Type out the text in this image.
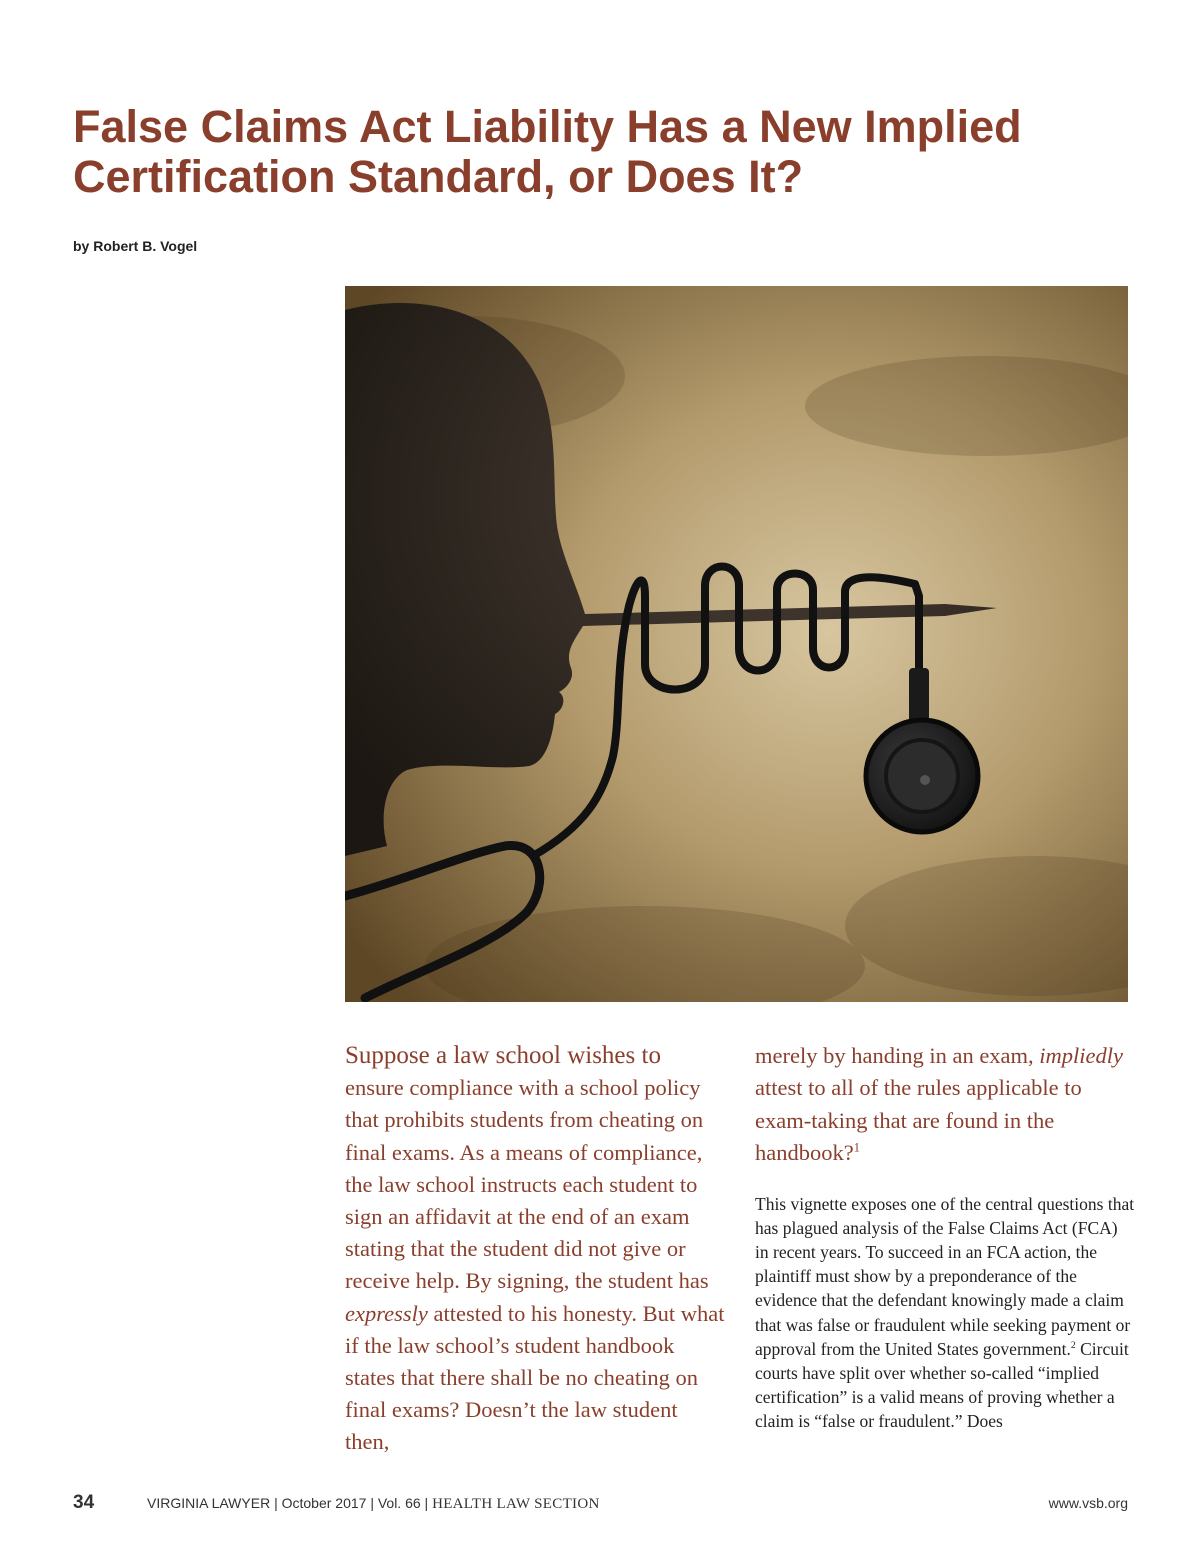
False Claims Act Liability Has a New Implied
Certification Standard, or Does It?
by Robert B. Vogel

Suppose a law school wishes to ensure compliance with a school policy that prohibits students from cheating on final exams. As a means of compliance, the law school instructs each student to sign an affidavit at the end of an exam stating that the student did not give or receive help. By signing, the student has expressly attested to his honesty. But what if the law school’s student handbook states that there shall be no cheating on final exams? Doesn’t the law student then,

merely by handing in an exam, impliedly attest to all of the rules applicable to exam-taking that are found in the handbook?$^1$

This vignette exposes one of the central questions that has plagued analysis of the False Claims Act (FCA) in recent years. To succeed in an FCA action, the plaintiff must show by a preponderance of the evidence that the defendant knowingly made a claim that was false or fraudulent while seeking payment or approval from the United States government.$^2$ Circuit courts have split over whether so-called “implied certification” is a valid means of proving whether a claim is “false or fraudulent.” Does

34	VIRGINIA LAWYER | October 2017 | Vol. 66 | HEALTH LAW SECTION	www.vsb.org
